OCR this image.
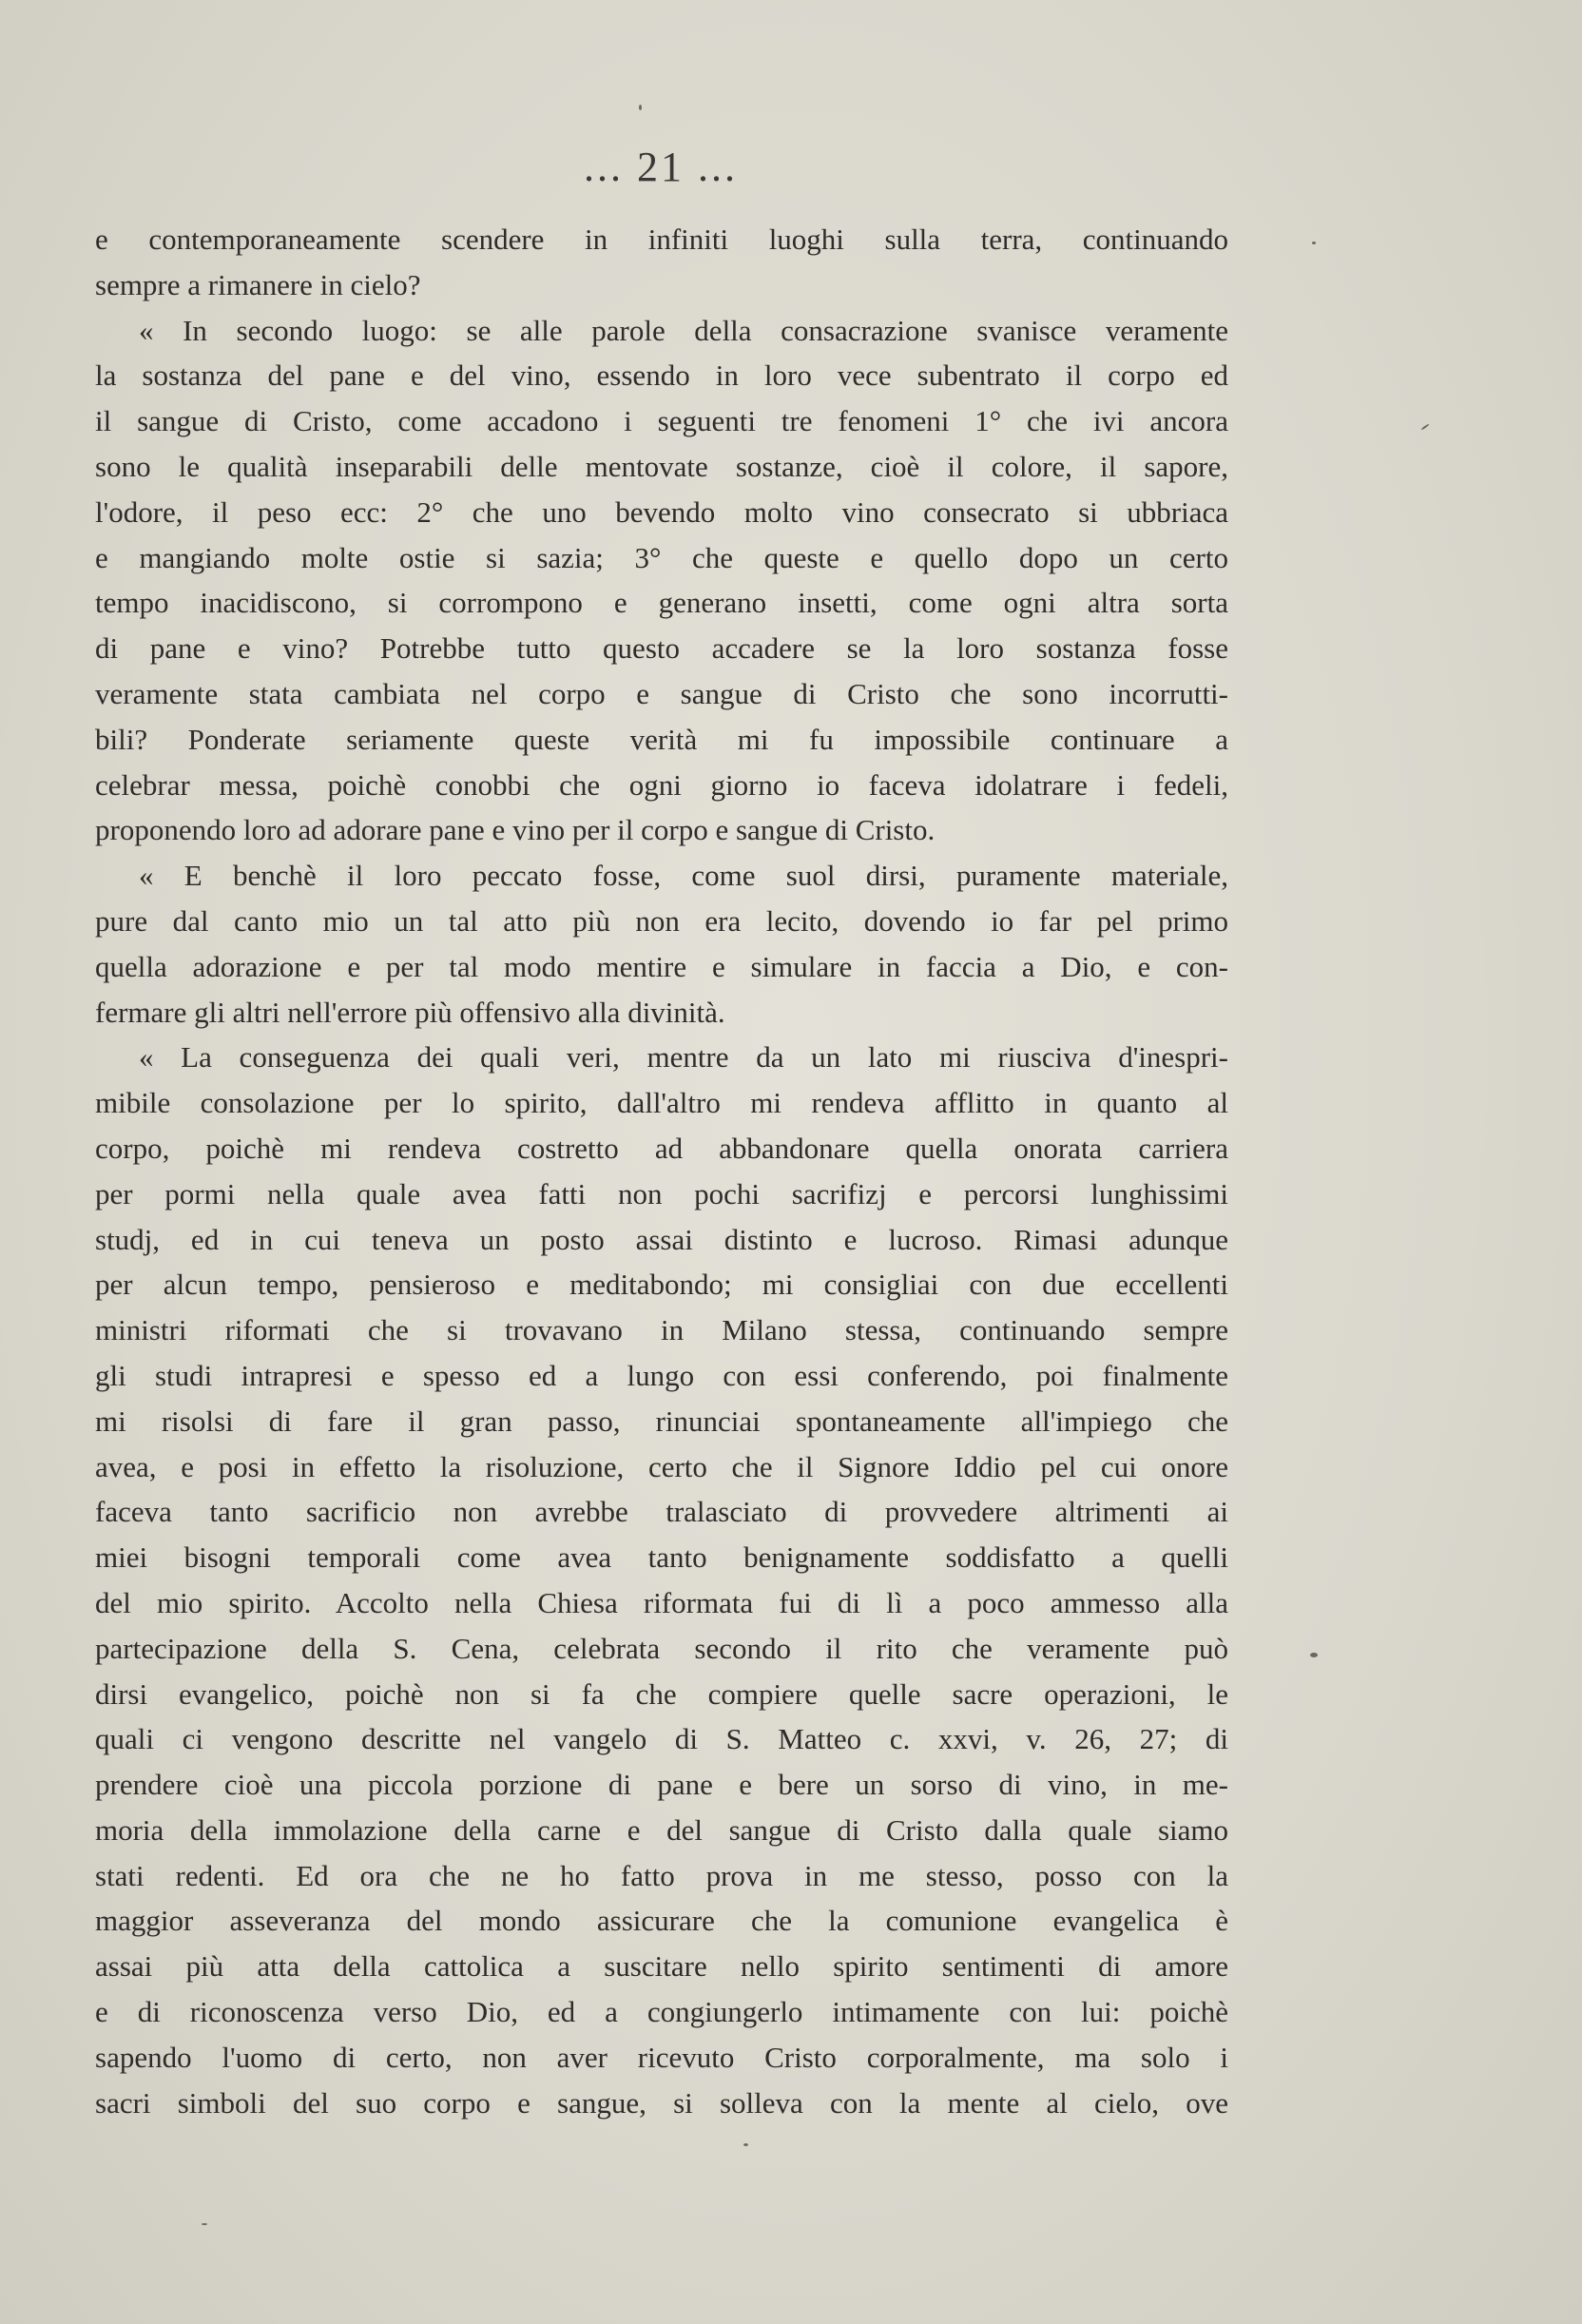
... 21 ...
e contemporaneamente scendere in infiniti luoghi sulla terra, continuando
sempre a rimanere in cielo?
« In secondo luogo: se alle parole della consacrazione svanisce veramente
la sostanza del pane e del vino, essendo in loro vece subentrato il corpo ed
il sangue di Cristo, come accadono i seguenti tre fenomeni 1° che ivi ancora
sono le qualità inseparabili delle mentovate sostanze, cioè il colore, il sapore,
l'odore, il peso ecc: 2° che uno bevendo molto vino consecrato si ubbriaca
e mangiando molte ostie si sazia; 3° che queste e quello dopo un certo
tempo inacidiscono, si corrompono e generano insetti, come ogni altra sorta
di pane e vino? Potrebbe tutto questo accadere se la loro sostanza fosse
veramente stata cambiata nel corpo e sangue di Cristo che sono incorrutti-
bili? Ponderate seriamente queste verità mi fu impossibile continuare a
celebrar messa, poichè conobbi che ogni giorno io faceva idolatrare i fedeli,
proponendo loro ad adorare pane e vino per il corpo e sangue di Cristo.
« E benchè il loro peccato fosse, come suol dirsi, puramente materiale,
pure dal canto mio un tal atto più non era lecito, dovendo io far pel primo
quella adorazione e per tal modo mentire e simulare in faccia a Dio, e con-
fermare gli altri nell'errore più offensivo alla divinità.
« La conseguenza dei quali veri, mentre da un lato mi riusciva d'inespri-
mibile consolazione per lo spirito, dall'altro mi rendeva afflitto in quanto al
corpo, poichè mi rendeva costretto ad abbandonare quella onorata carriera
per pormi nella quale avea fatti non pochi sacrifizj e percorsi lunghissimi
studj, ed in cui teneva un posto assai distinto e lucroso. Rimasi adunque
per alcun tempo, pensieroso e meditabondo; mi consigliai con due eccellenti
ministri riformati che si trovavano in Milano stessa, continuando sempre
gli studi intrapresi e spesso ed a lungo con essi conferendo, poi finalmente
mi risolsi di fare il gran passo, rinunciai spontaneamente all'impiego che
avea, e posi in effetto la risoluzione, certo che il Signore Iddio pel cui onore
faceva tanto sacrificio non avrebbe tralasciato di provvedere altrimenti ai
miei bisogni temporali come avea tanto benignamente soddisfatto a quelli
del mio spirito. Accolto nella Chiesa riformata fui di lì a poco ammesso alla
partecipazione della S. Cena, celebrata secondo il rito che veramente può
dirsi evangelico, poichè non si fa che compiere quelle sacre operazioni, le
quali ci vengono descritte nel vangelo di S. Matteo c. xxvi, v. 26, 27; di
prendere cioè una piccola porzione di pane e bere un sorso di vino, in me-
moria della immolazione della carne e del sangue di Cristo dalla quale siamo
stati redenti. Ed ora che ne ho fatto prova in me stesso, posso con la
maggior asseveranza del mondo assicurare che la comunione evangelica è
assai più atta della cattolica a suscitare nello spirito sentimenti di amore
e di riconoscenza verso Dio, ed a congiungerlo intimamente con lui: poichè
sapendo l'uomo di certo, non aver ricevuto Cristo corporalmente, ma solo i
sacri simboli del suo corpo e sangue, si solleva con la mente al cielo, ove
